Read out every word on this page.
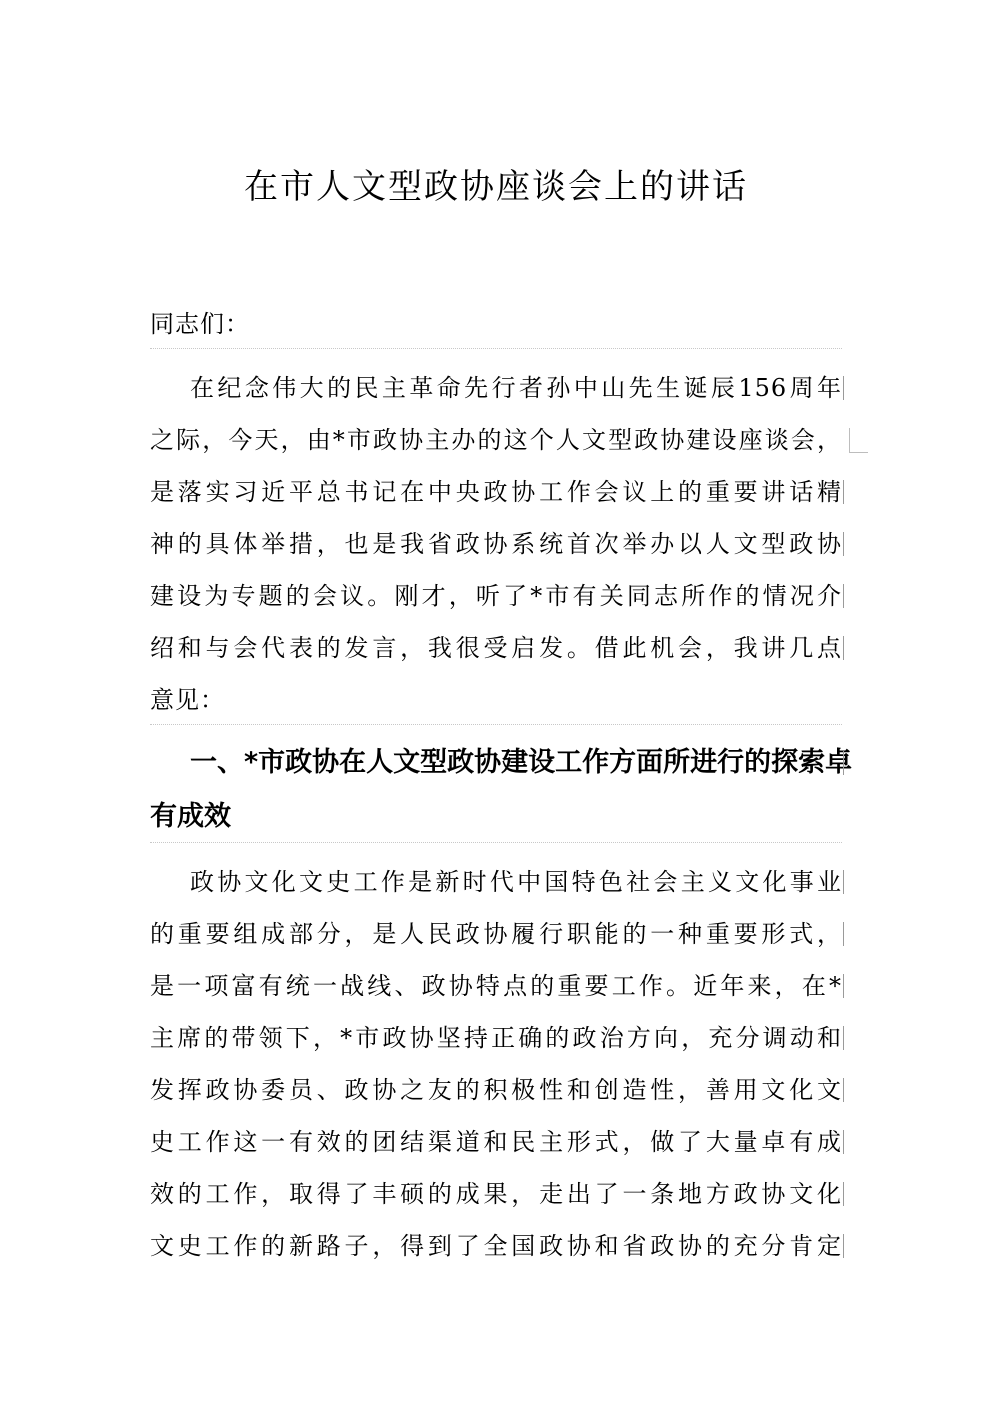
在市人文型政协座谈会上的讲话
同志们：
在纪念伟大的民主革命先行者孙中山先生诞辰156周年
之际，今天，由*市政协主办的这个人文型政协建设座谈会，
是落实习近平总书记在中央政协工作会议上的重要讲话精
神的具体举措，也是我省政协系统首次举办以人文型政协
建设为专题的会议。刚才，听了*市有关同志所作的情况介
绍和与会代表的发言，我很受启发。借此机会，我讲几点
意见：
一、*市政协在人文型政协建设工作方面所进行的探索卓
有成效
政协文化文史工作是新时代中国特色社会主义文化事业
的重要组成部分，是人民政协履行职能的一种重要形式，
是一项富有统一战线、政协特点的重要工作。近年来，在*
主席的带领下，*市政协坚持正确的政治方向，充分调动和
发挥政协委员、政协之友的积极性和创造性，善用文化文
史工作这一有效的团结渠道和民主形式，做了大量卓有成
效的工作，取得了丰硕的成果，走出了一条地方政协文化
文史工作的新路子，得到了全国政协和省政协的充分肯定
